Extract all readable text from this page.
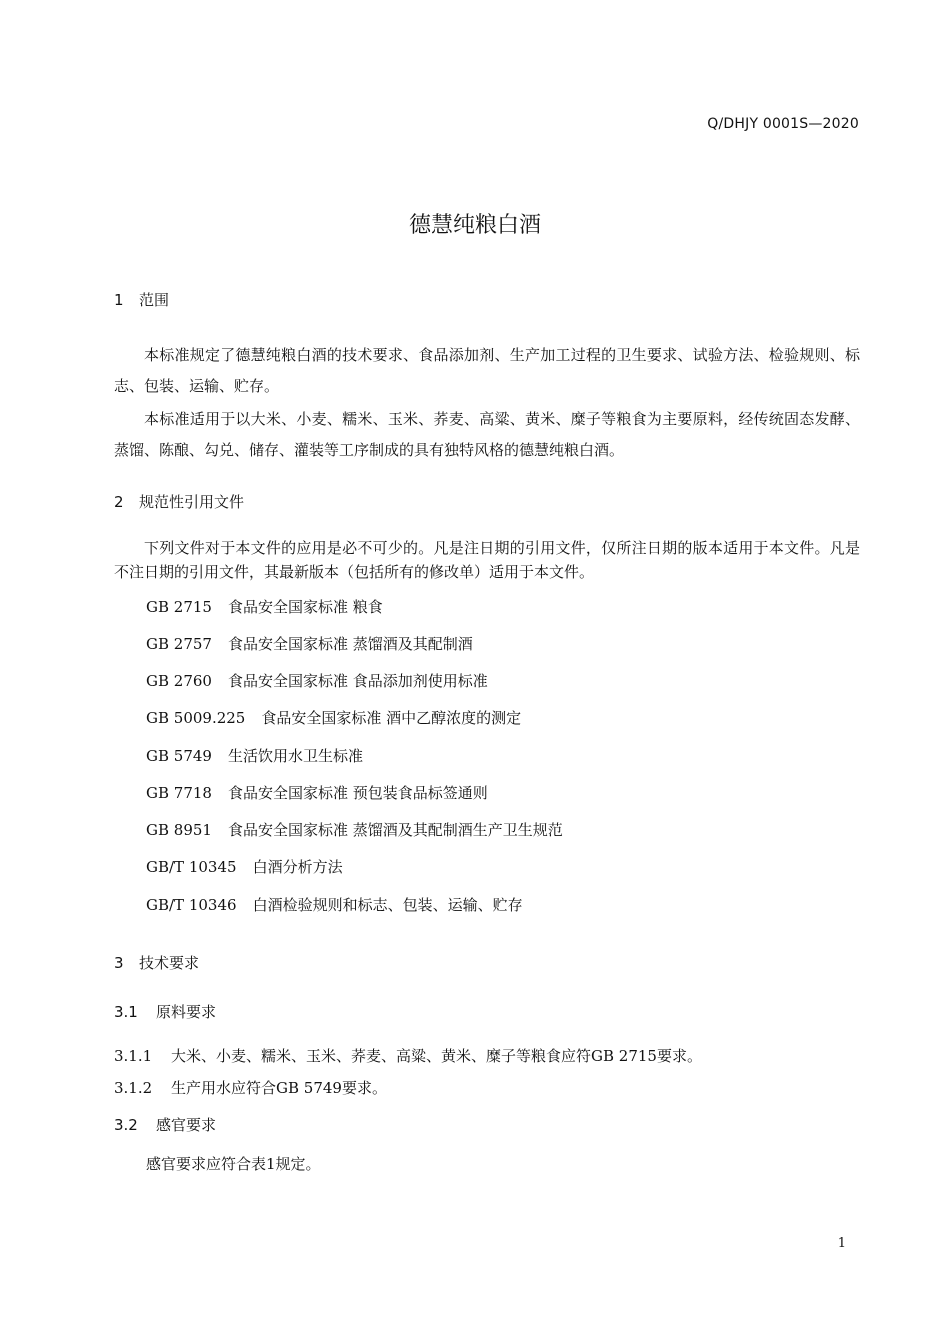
Q/DHJY 0001S—2020
德慧纯粮白酒
1 范围
本标准规定了德慧纯粮白酒的技术要求、食品添加剂、生产加工过程的卫生要求、试验方法、检验规则、标志、包装、运输、贮存。
本标准适用于以大米、小麦、糯米、玉米、荞麦、高粱、黄米、糜子等粮食为主要原料，经传统固态发酵、蒸馏、陈酿、勾兑、储存、灌装等工序制成的具有独特风格的德慧纯粮白酒。
2 规范性引用文件
下列文件对于本文件的应用是必不可少的。凡是注日期的引用文件，仅所注日期的版本适用于本文件。凡是不注日期的引用文件，其最新版本（包括所有的修改单）适用于本文件。
GB 2715 食品安全国家标准 粮食
GB 2757 食品安全国家标准 蒸馏酒及其配制酒
GB 2760 食品安全国家标准 食品添加剂使用标准
GB 5009.225 食品安全国家标准 酒中乙醇浓度的测定
GB 5749 生活饮用水卫生标准
GB 7718 食品安全国家标准 预包装食品标签通则
GB 8951 食品安全国家标准 蒸馏酒及其配制酒生产卫生规范
GB/T 10345 白酒分析方法
GB/T 10346 白酒检验规则和标志、包装、运输、贮存
3 技术要求
3.1 原料要求
3.1.1 大米、小麦、糯米、玉米、荞麦、高粱、黄米、糜子等粮食应符GB 2715要求。
3.1.2 生产用水应符合GB 5749要求。
3.2 感官要求
感官要求应符合表1规定。
1
